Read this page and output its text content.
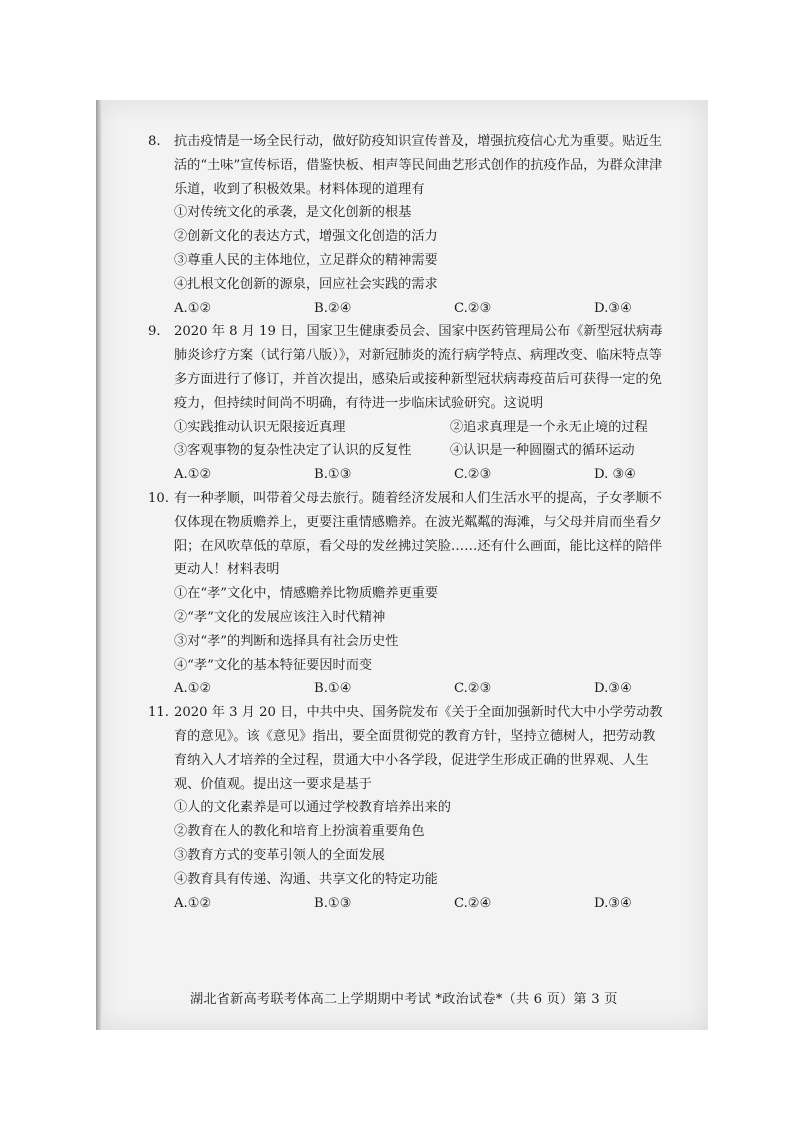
8. 抗击疫情是一场全民行动，做好防疫知识宣传普及，增强抗疫信心尤为重要。贴近生活的“土味”宣传标语，借鉴快板、相声等民间曲艺形式创作的抗疫作品，为群众津津乐道，收到了积极效果。材料体现的道理有
①对传统文化的承袭，是文化创新的根基
②创新文化的表达方式，增强文化创造的活力
③尊重人民的主体地位，立足群众的精神需要
④扎根文化创新的源泉，回应社会实践的需求
A.①②	B.②④	C.②③	D.③④
9. 2020 年 8 月 19 日，国家卫生健康委员会、国家中医药管理局公布《新型冠状病毒肺炎诊疗方案（试行第八版）》，对新冠肺炎的流行病学特点、病理改变、临床特点等多方面进行了修订，并首次提出，感染后或接种新型冠状病毒疫苗后可获得一定的免疫力，但持续时间尚不明确，有待进一步临床试验研究。这说明
①实践推动认识无限接近真理	②追求真理是一个永无止境的过程
③客观事物的复杂性决定了认识的反复性	④认识是一种圆圈式的循环运动
A.①②	B.①③	C.②③	D. ③④
10. 有一种孝顺，叫带着父母去旅行。随着经济发展和人们生活水平的提高，子女孝顺不仅体现在物质赡养上，更要注重情感赡养。在波光粼粼的海滩，与父母并肩而坐看夕阳；在风吹草低的草原，看父母的发丝拂过笑脸……还有什么画面，能比这样的陪伴更动人！材料表明
①在“孝”文化中，情感赡养比物质赡养更重要
②“孝”文化的发展应该注入时代精神
③对“孝”的判断和选择具有社会历史性
④“孝”文化的基本特征要因时而变
A.①②	B.①④	C.②③	D.③④
11. 2020 年 3 月 20 日，中共中央、国务院发布《关于全面加强新时代大中小学劳动教育的意见》。该《意见》指出，要全面贯彻党的教育方针，坚持立德树人，把劳动教育纳入人才培养的全过程，贯通大中小各学段，促进学生形成正确的世界观、人生观、价值观。提出这一要求是基于
①人的文化素养是可以通过学校教育培养出来的
②教育在人的教化和培育上扮演着重要角色
③教育方式的变革引领人的全面发展
④教育具有传递、沟通、共享文化的特定功能
A.①②	B.①③	C.②④	D.③④
湖北省新高考联考体高二上学期期中考试 *政治试卷*（共 6 页）第 3 页
